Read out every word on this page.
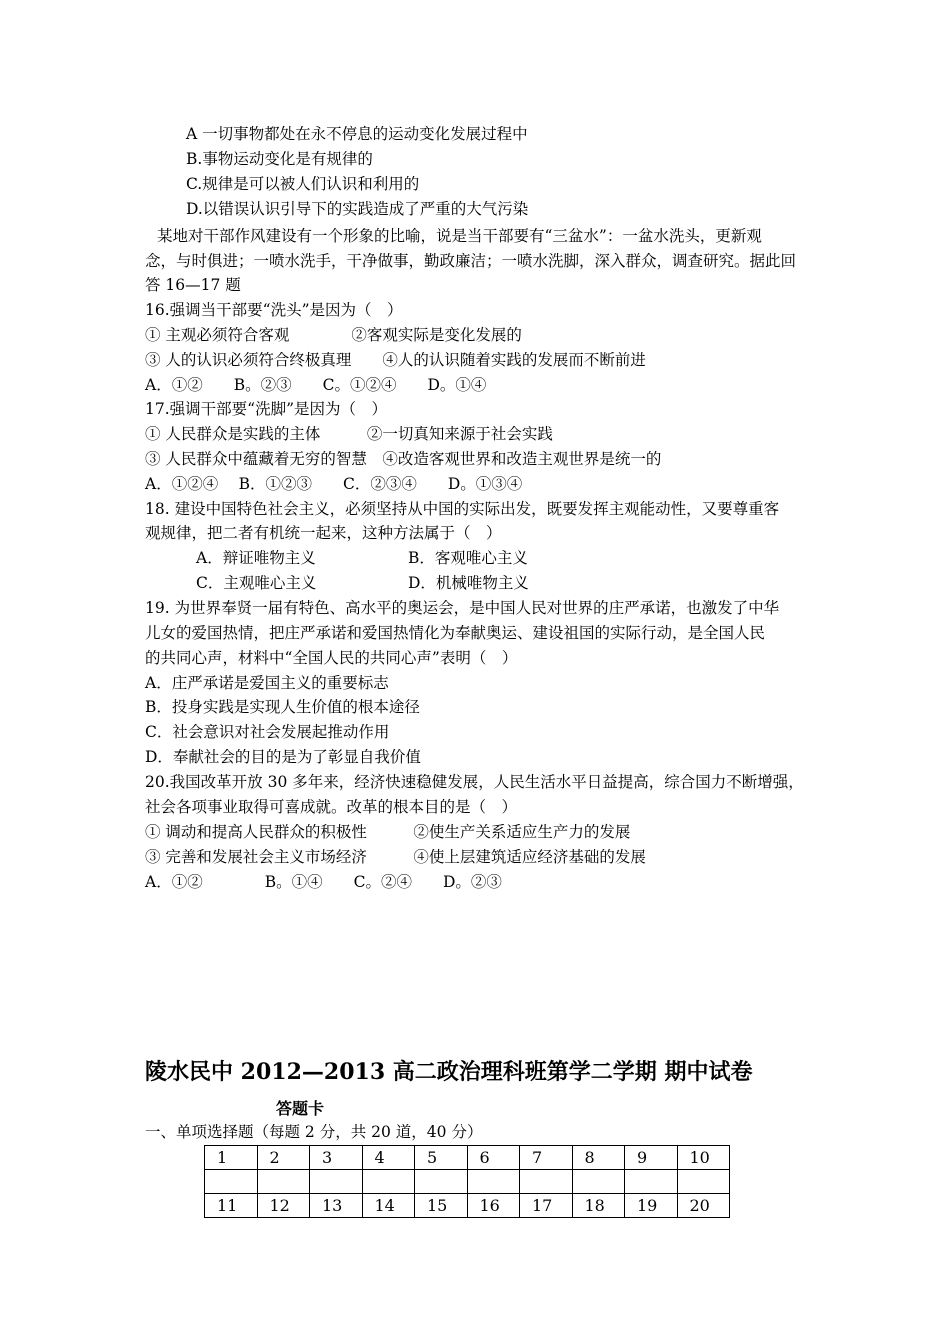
A 一切事物都处在永不停息的运动变化发展过程中
B.事物运动变化是有规律的
C.规律是可以被人们认识和利用的
D.以错误认识引导下的实践造成了严重的大气污染
某地对干部作风建设有一个形象的比喻，说是当干部要有“三盆水”：一盆水洗头，更新观
念，与时俱进；一喷水洗手，干净做事，勤政廉洁；一喷水洗脚，深入群众，调查研究。据此回
答 16—17 题
16.强调当干部要“洗头”是因为（　）
① 主观必须符合客观　　　　②客观实际是变化发展的
③ 人的认识必须符合终极真理　　④人的认识随着实践的发展而不断前进
A．①②　　B。②③　　C。①②④　　D。①④
17.强调干部要“洗脚”是因为（　）
① 人民群众是实践的主体　　　②一切真知来源于社会实践
③ 人民群众中蕴藏着无穷的智慧　④改造客观世界和改造主观世界是统一的
A．①②④　 B．①②③　　C．②③④　　D。①③④
18. 建设中国特色社会主义，必须坚持从中国的实际出发，既要发挥主观能动性，又要尊重客
观规律，把二者有机统一起来，这种方法属于（　）
A．辩证唯物主义	B．客观唯心主义
C．主观唯心主义	D．机械唯物主义
19. 为世界奉贤一届有特色、高水平的奥运会，是中国人民对世界的庄严承诺，也激发了中华
儿女的爱国热情，把庄严承诺和爱国热情化为奉献奥运、建设祖国的实际行动，是全国人民
的共同心声，材料中“全国人民的共同心声”表明（　）
A．庄严承诺是爱国主义的重要标志
B．投身实践是实现人生价值的根本途径
C．社会意识对社会发展起推动作用
D．奉献社会的目的是为了彰显自我价值
20.我国改革开放 30 多年来，经济快速稳健发展，人民生活水平日益提高，综合国力不断增强，
社会各项事业取得可喜成就。改革的根本目的是（　）
① 调动和提高人民群众的积极性　　　②使生产关系适应生产力的发展
③ 完善和发展社会主义市场经济　　　④使上层建筑适应经济基础的发展
A．①②　　　　B。①④　　C。②④　　D。②③
陵水民中 2012—2013 高二政治理科班第学二学期 期中试卷
答题卡
一、单项选择题（每题 2 分，共 20 道，40 分）
1	2	3	4	5	6	7	8	9	10

11	12	13	14	15	16	17	18	19	20
